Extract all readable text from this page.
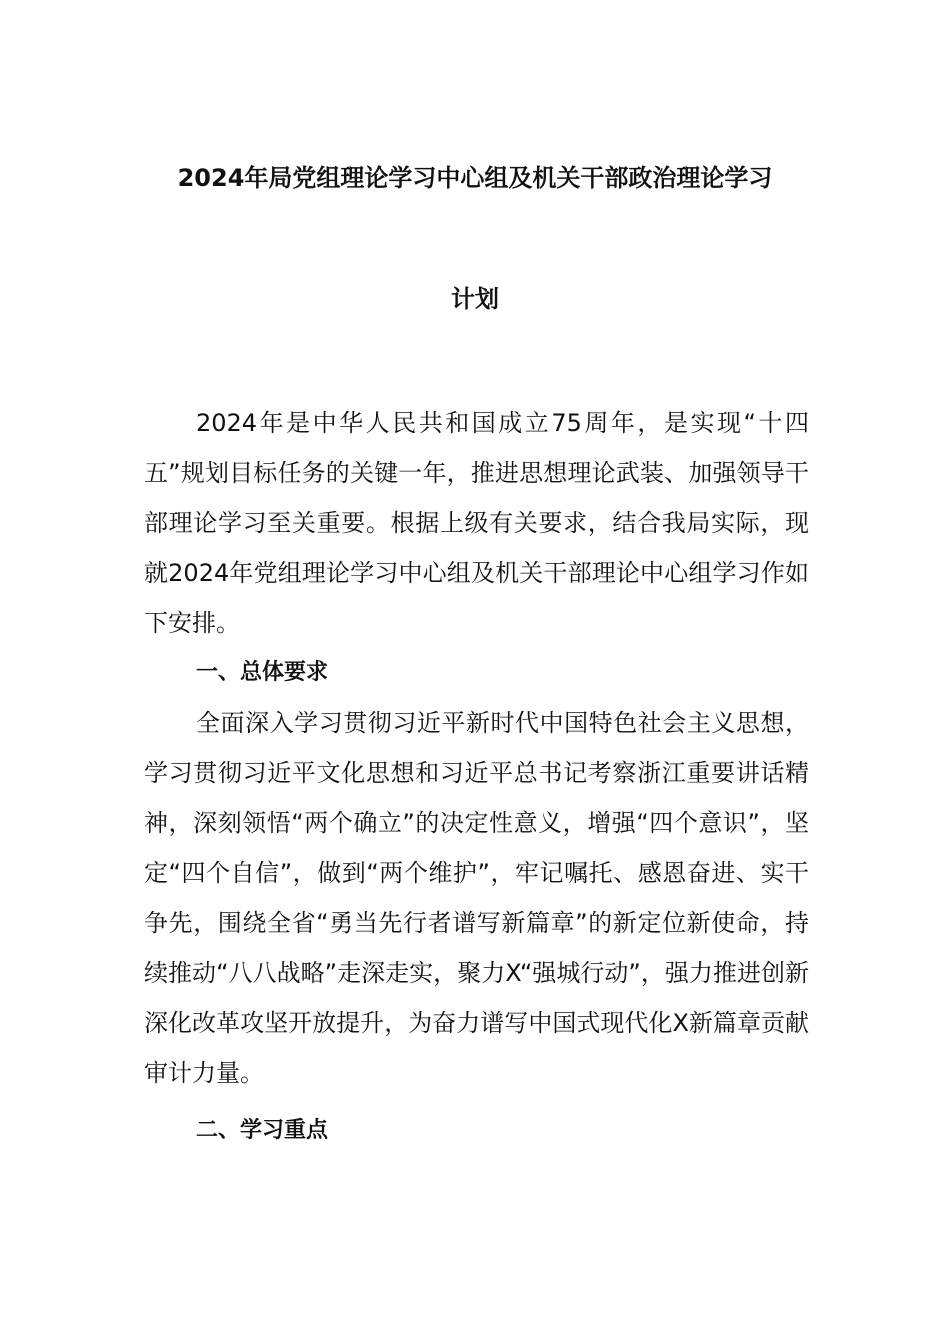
2024年局党组理论学习中心组及机关干部政治理论学习
计划

2024年是中华人民共和国成立75周年，是实现“十四五”规划目标任务的关键一年，推进思想理论武装、加强领导干部理论学习至关重要。根据上级有关要求，结合我局实际，现就2024年党组理论学习中心组及机关干部理论中心组学习作如下安排。

一、总体要求

全面深入学习贯彻习近平新时代中国特色社会主义思想，学习贯彻习近平文化思想和习近平总书记考察浙江重要讲话精神，深刻领悟“两个确立”的决定性意义，增强“四个意识”，坚定“四个自信”，做到“两个维护”，牢记嘱托、感恩奋进、实干争先，围绕全省“勇当先行者谱写新篇章”的新定位新使命，持续推动“八八战略”走深走实，聚力X“强城行动”，强力推进创新深化改革攻坚开放提升，为奋力谱写中国式现代化X新篇章贡献审计力量。

二、学习重点
